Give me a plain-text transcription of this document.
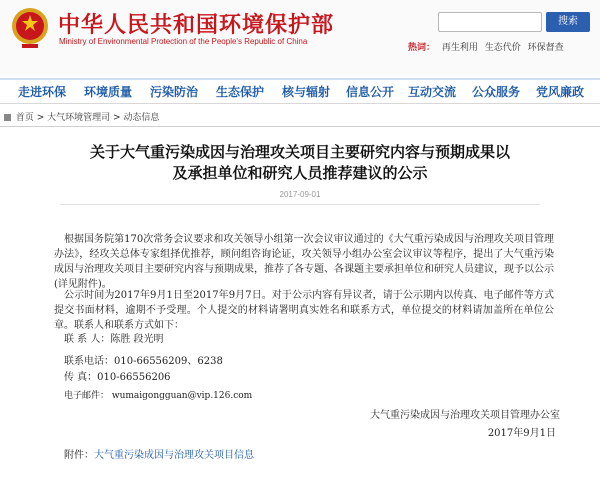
中华人民共和国环境保护部
Ministry of Environmental Protection of the People's Republic of China
搜索
热词： 再生利用 生态代价 环保督查
走进环保 环境质量 污染防治 生态保护 核与辐射 信息公开 互动交流 公众服务 党风廉政
首页 > 大气环境管理司 > 动态信息
关于大气重污染成因与治理攻关项目主要研究内容与预期成果以
及承担单位和研究人员推荐建议的公示
2017-09-01
根据国务院第170次常务会议要求和攻关领导小组第一次会议审议通过的《大气重污染成因与治理攻关项目管理办法》，经攻关总体专家组择优推荐，顾问组咨询论证，攻关领导小组办公室会议审议等程序，提出了大气重污染成因与治理攻关项目主要研究内容与预期成果，推荐了各专题、各课题主要承担单位和研究人员建议，现予以公示(详见附件)。
公示时间为2017年9月1日至2017年9月7日。对于公示内容有异议者，请于公示期内以传真、电子邮件等方式提交书面材料，逾期不予受理。个人提交的材料请署明真实姓名和联系方式，单位提交的材料请加盖所在单位公章。联系人和联系方式如下：
联 系 人：陈胜 段光明
联系电话：010-66556209、6238
传 真：010-66556206
电子邮件： wumaigongguan@vip.126.com
大气重污染成因与治理攻关项目管理办公室
2017年9月1日
附件：大气重污染成因与治理攻关项目信息
